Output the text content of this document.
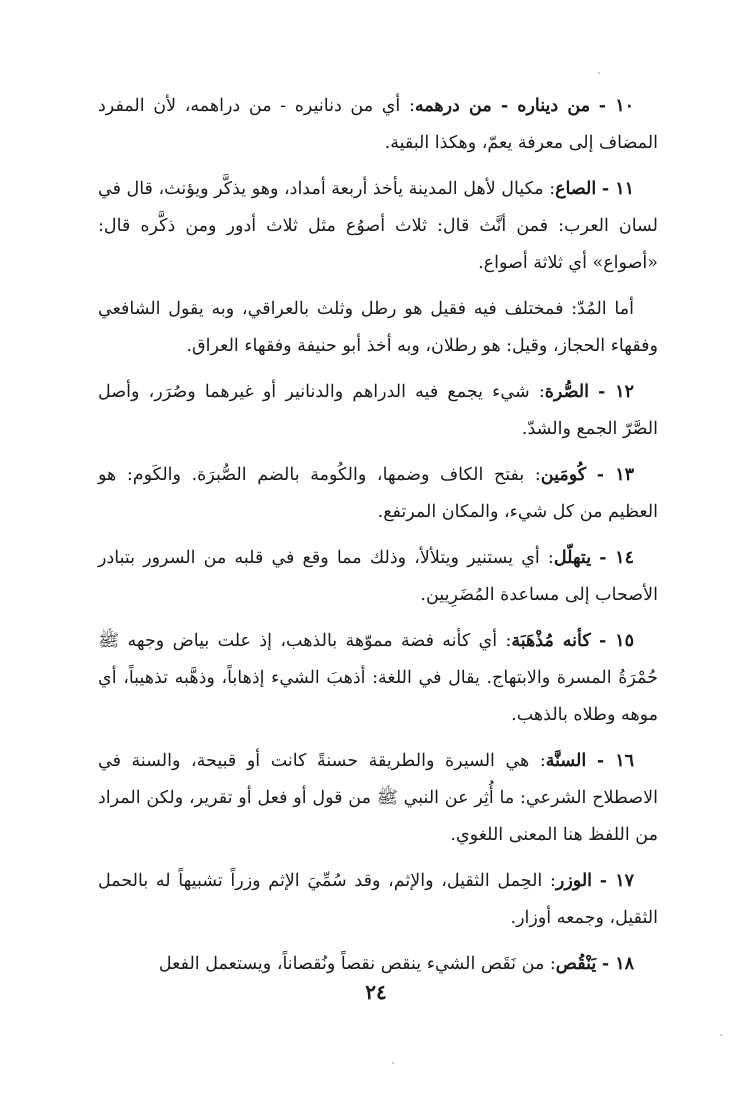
١٠ - من ديناره - من درهمه: أي من دنانيره - من دراهمه، لأن المفرد المضاف إلى معرفة يعمّ، وهكذا البقية.

١١ - الصاع: مكيال لأهل المدينة يأخذ أربعة أمداد، وهو يذكَّر ويؤنث، قال في لسان العرب: فمن أنَّث قال: ثلاث أصوُع مثل ثلاث أدور ومن ذكَّره قال: «أصواع» أي ثلاثة أصواع.

أما المُدّ: فمختلف فيه فقيل هو رطل وثلث بالعراقي، وبه يقول الشافعي وفقهاء الحجاز، وقيل: هو رطلان، وبه أخذ أبو حنيفة وفقهاء العراق.

١٢ - الصُّرة: شيء يجمع فيه الدراهم والدنانير أو غيرهما وصُرَر، وأصل الصَّرّ الجمع والشدّ.

١٣ - كُومَين: بفتح الكاف وضمها، والكُومة بالضم الصُّبرَة. والكَوم: هو العظيم من كل شيء، والمكان المرتفع.

١٤ - يتهلّل: أي يستنير ويتلألأ، وذلك مما وقع في قلبه من السرور بتبادر الأصحاب إلى مساعدة المُضَرِيين.

١٥ - كأنه مُذْهَبَة: أي كأنه فضة مموّهة بالذهب، إذ علت بياض وجهه ﷺ حُمْرَةُ المسرة والابتهاج. يقال في اللغة: أذهبَ الشيء إذهاباً، وذهَّبه تذهيباً، أي موهه وطلاه بالذهب.

١٦ - السنَّة: هي السيرة والطريقة حسنةً كانت أو قبيحة، والسنة في الاصطلاح الشرعي: ما أُثِر عن النبي ﷺ من قول أو فعل أو تقرير، ولكن المراد من اللفظ هنا المعنى اللغوي.

١٧ - الوزر: الحِمل الثقيل، والإثم، وقد سُمِّيَ الإثم وزراً تشبيهاً له بالحمل الثقيل، وجمعه أوزار.

١٨ - يَنْقُص: من نَقَص الشيء ينقص نقصاً ونُقصاناً، ويستعمل الفعل

٢٤
